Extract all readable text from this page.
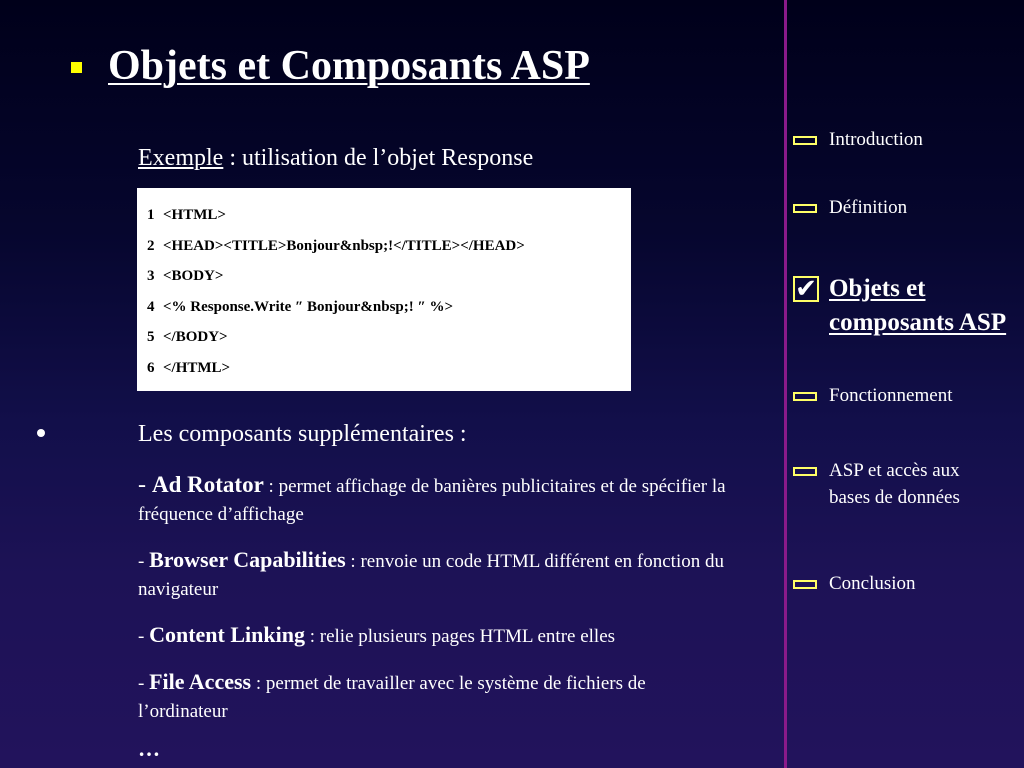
Objets et Composants ASP
Exemple : utilisation de l’objet Response
1 <HTML>
2 <HEAD><TITLE>Bonjour&nbsp;!</TITLE></HEAD>
3 <BODY>
4 <% Response.Write ″ Bonjour&nbsp;! ″ %>
5 </BODY>
6 </HTML>
Les composants supplémentaires :
- Ad Rotator : permet affichage de banières publicitaires et de spécifier la fréquence d’affichage
- Browser Capabilities : renvoie un code HTML différent en fonction du navigateur
- Content Linking : relie plusieurs pages HTML entre elles
- File Access : permet de travailler avec le système de fichiers de l’ordinateur
…
Introduction
Définition
✔ Objets et composants ASP
Fonctionnement
ASP et accès aux bases de données
Conclusion
